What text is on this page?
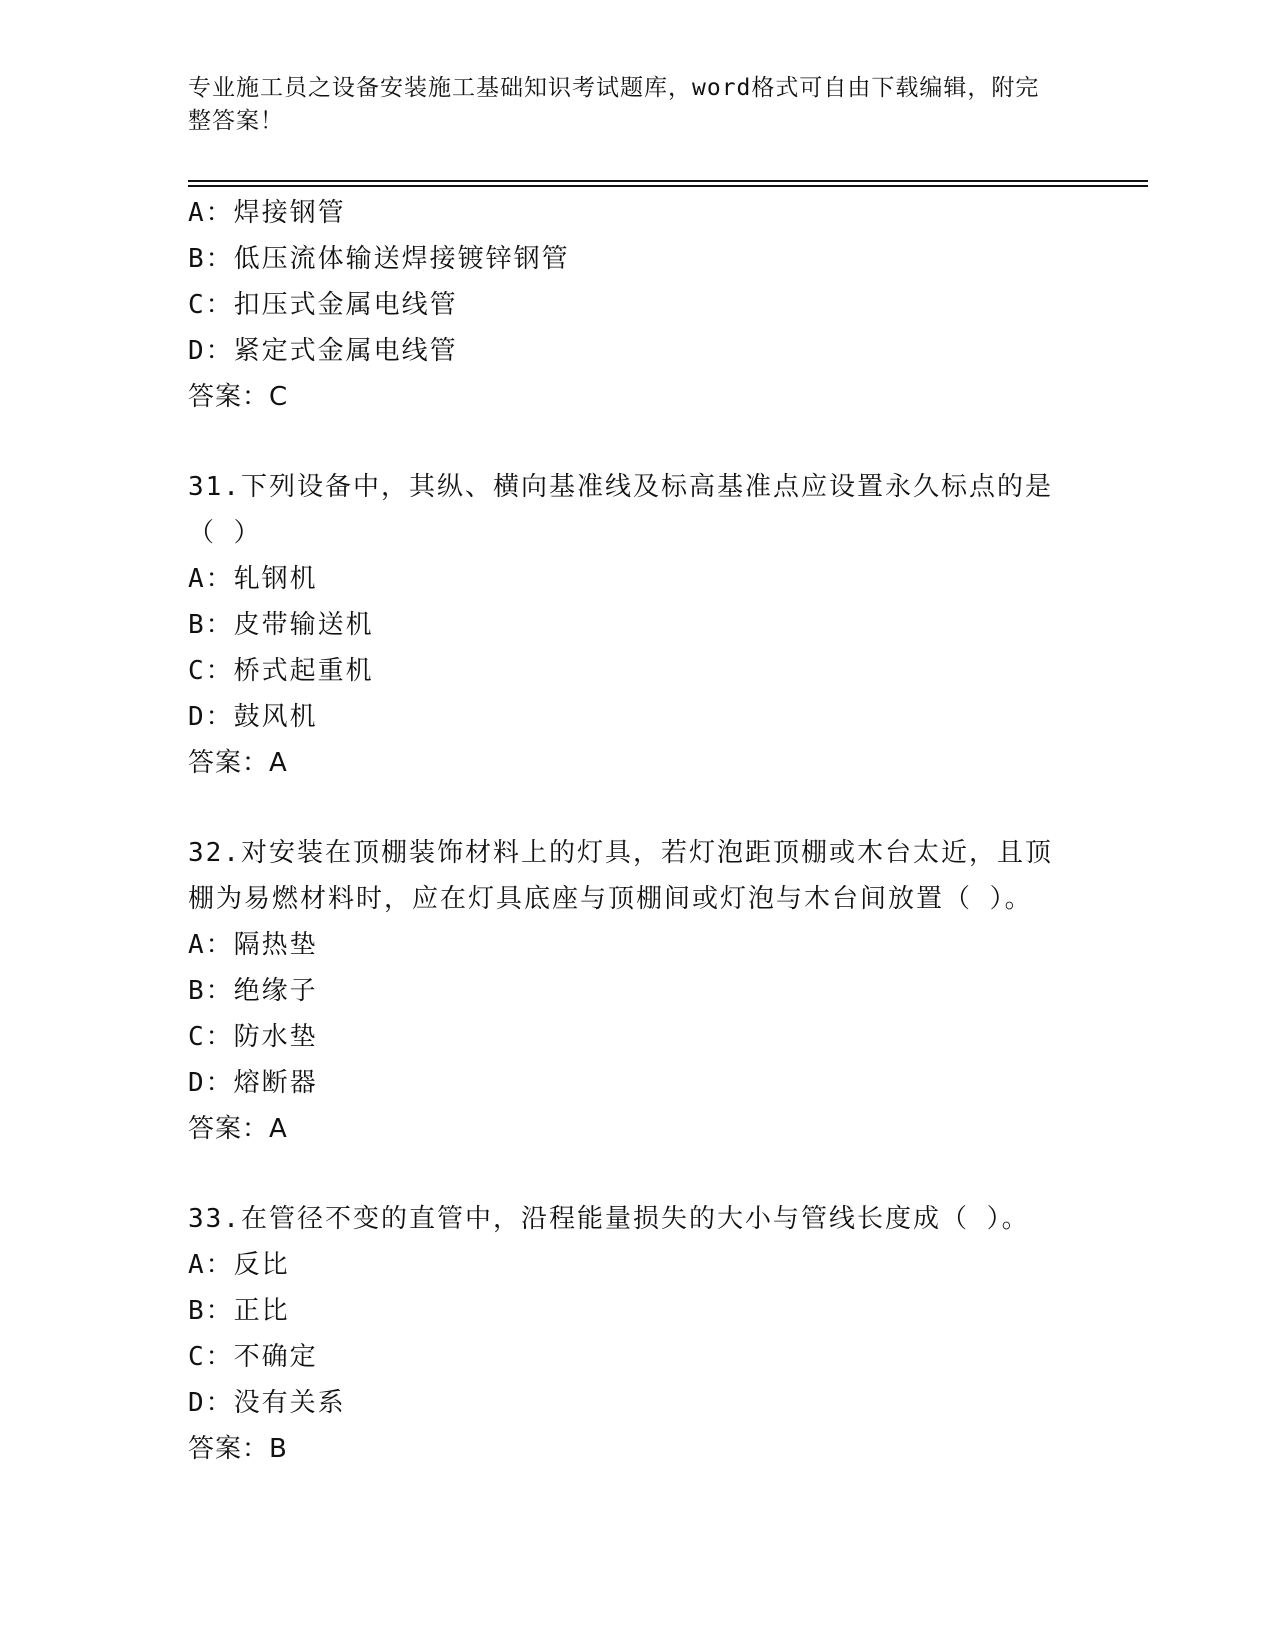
专业施工员之设备安装施工基础知识考试题库，word格式可自由下载编辑，附完
整答案！
A：焊接钢管
B：低压流体输送焊接镀锌钢管
C：扣压式金属电线管
D：紧定式金属电线管
答案：C
31.下列设备中，其纵、横向基准线及标高基准点应设置永久标点的是
（ ）
A：轧钢机
B：皮带输送机
C：桥式起重机
D：鼓风机
答案：A
32.对安装在顶棚装饰材料上的灯具，若灯泡距顶棚或木台太近，且顶
棚为易燃材料时，应在灯具底座与顶棚间或灯泡与木台间放置（ ）。
A：隔热垫
B：绝缘子
C：防水垫
D：熔断器
答案：A
33.在管径不变的直管中，沿程能量损失的大小与管线长度成（ ）。
A：反比
B：正比
C：不确定
D：没有关系
答案：B
